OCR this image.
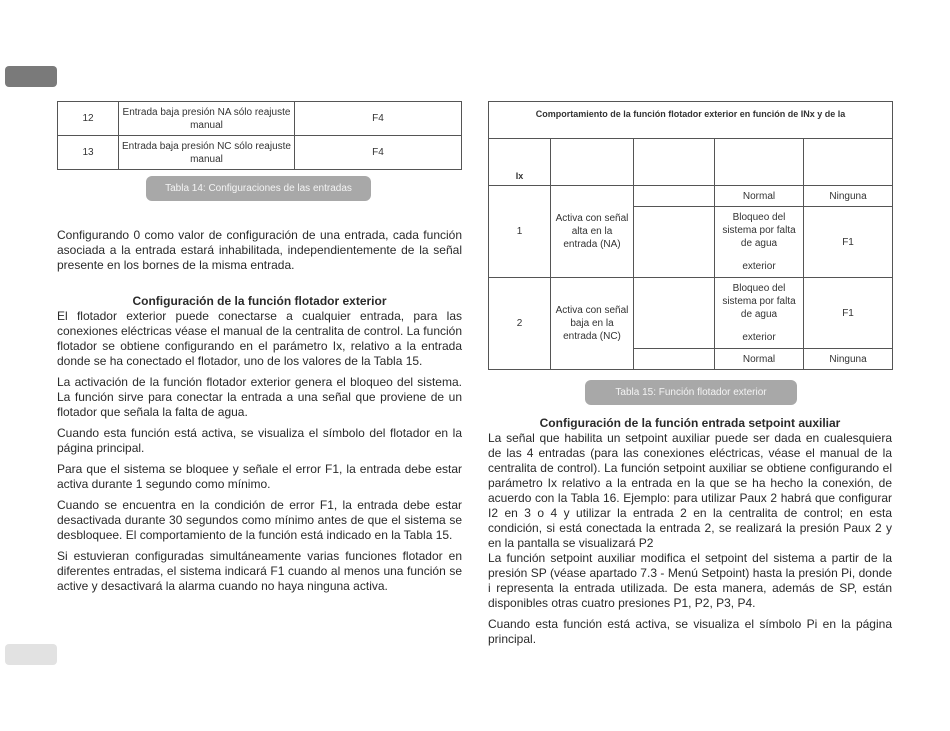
12	Entrada baja presión NA sólo reajuste manual	F4
13	Entrada baja presión NC sólo reajuste manual	F4
Tabla 14: Configuraciones de las entradas

Configurando 0 como valor de configuración de una entrada, cada función asociada a la entrada estará inhabilitada, independientemente de la señal presente en los bornes de la misma entrada.

Configuración de la función flotador exterior

El flotador exterior puede conectarse a cualquier entrada, para las conexiones eléctricas véase el manual de la centralita de control. La función flotador se obtiene configurando en el parámetro Ix, relativo a la entrada donde se ha conectado el flotador, uno de los valores de la Tabla 15.

La activación de la función flotador exterior genera el bloqueo del sistema. La función sirve para conectar la entrada a una señal que proviene de un flotador que señala la falta de agua.

Cuando esta función está activa, se visualiza el símbolo del flotador en la página principal.

Para que el sistema se bloquee y señale el error F1, la entrada debe estar activa durante 1 segundo como mínimo.

Cuando se encuentra en la condición de error F1, la entrada debe estar desactivada durante 30 segundos como mínimo antes de que el sistema se desbloquee. El comportamiento de la función está indicado en la Tabla 15.

Si estuvieran configuradas simultáneamente varias funciones flotador en diferentes entradas, el sistema indicará F1 cuando al menos una función se active y desactivará la alarma cuando no haya ninguna activa.

Comportamiento de la función flotador exterior en función de INx y de la				
Ix				
1	Activa con señal alta en la entrada (NA)		Normal	Ninguna

			Bloqueo del sistema por falta de agua
exterior	F1
2	Activa con señal baja en la entrada (NC)		Bloqueo del sistema por falta de agua
exterior	F1
			Normal	Ninguna
Tabla 15: Función flotador exterior
Configuración de la función entrada setpoint auxiliar

La señal que habilita un setpoint auxiliar puede ser dada en cualesquiera de las 4 entradas (para las conexiones eléctricas, véase el manual de la centralita de control). La función setpoint auxiliar se obtiene configurando el parámetro Ix relativo a la entrada en la que se ha hecho la conexión, de acuerdo con la Tabla 16. Ejemplo: para utilizar Paux 2 habrá que configurar I2 en 3 o 4 y utilizar la entrada 2 en la centralita de control; en esta condición, si está conectada la entrada 2, se realizará la presión Paux 2 y en la pantalla se visualizará P2

La función setpoint auxiliar modifica el setpoint del sistema a partir de la presión SP (véase apartado 7.3 - Menú Setpoint) hasta la presión Pi, donde i representa la entrada utilizada. De esta manera, además de SP, están disponibles otras cuatro presiones P1, P2, P3, P4.

Cuando esta función está activa, se visualiza el símbolo Pi en la página principal.
